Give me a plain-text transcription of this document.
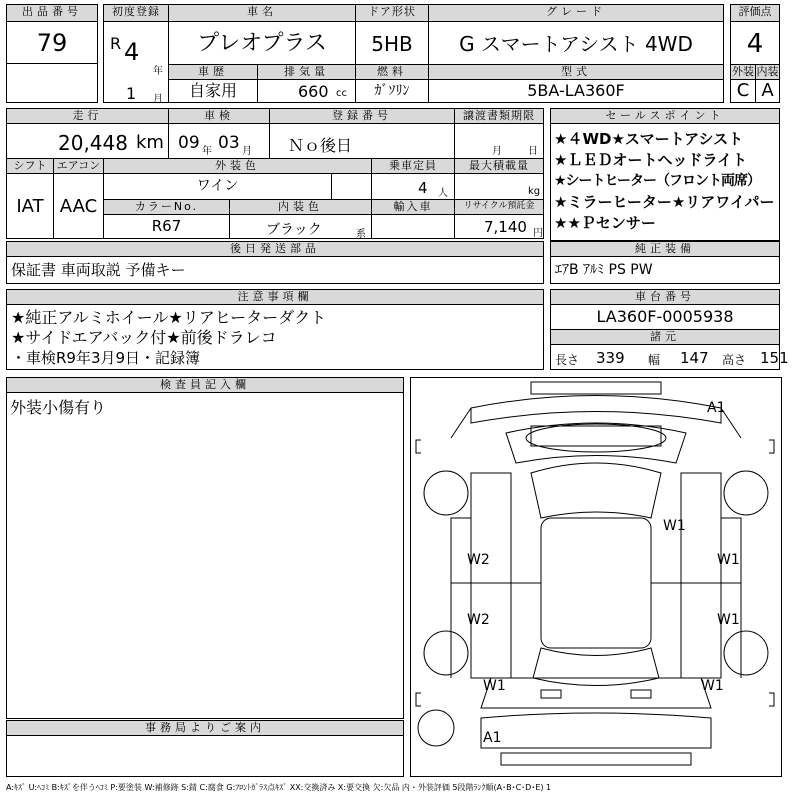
出品番号
79
初度登録
R 4
年
1 月
車名
プレオプラス
ドア形状
5HB
グレード
G スマートアシスト 4WD
評価点
4
車歴
自家用
排気量
660 cc
燃料
ｶﾞｿﾘﾝ
型式
5BA-LA360F
外装 内装
C A
走行
20,448 km
車検
09 年 03 月
登録番号
Ｎｏ後日
譲渡書類期限
月	日
シフト
IAT
エアコン
AAC
外装色
ワイン
乗車定員
4 人
最大積載量
kg
カラーNo.
R67
内装色
ブラック	系
輸入車	リサイクル預託金
7,140 円
セールスポイント
★４WD★スマートアシスト
★ＬＥＤオートヘッドライト
★シートヒーター（フロント両席）
★ミラーヒーター★リアワイパー
★★Ｐセンサー
後日発送部品
保証書 車両取説 予備キー
純正装備
ｴｱB ｱﾙﾐ PS PW
注意事項欄
★純正アルミホイール★リアヒーターダクト
★サイドエアバック付★前後ドラレコ
・車検R9年3月9日・記録簿
車台番号
LA360F-0005938
諸元
長さ 339 幅 147 高さ 151
検査員記入欄
外装小傷有り
事務局よりご案内
A1
W1
W2	W1
W2	W1
W1	W1
A1
A:ｷｽﾞ U:ﾍｺﾐ B:ｷｽﾞを伴うﾍｺﾐ P:要塗装 W:補修跡 S:錆 C:腐食 G:ﾌﾛﾝﾄｶﾞﾗｽ点ｷｽﾞ XX:交換済み X:要交換 欠:欠品 内・外装評価 5段階ﾗﾝｸ順(A･B･C･D･E) 1
